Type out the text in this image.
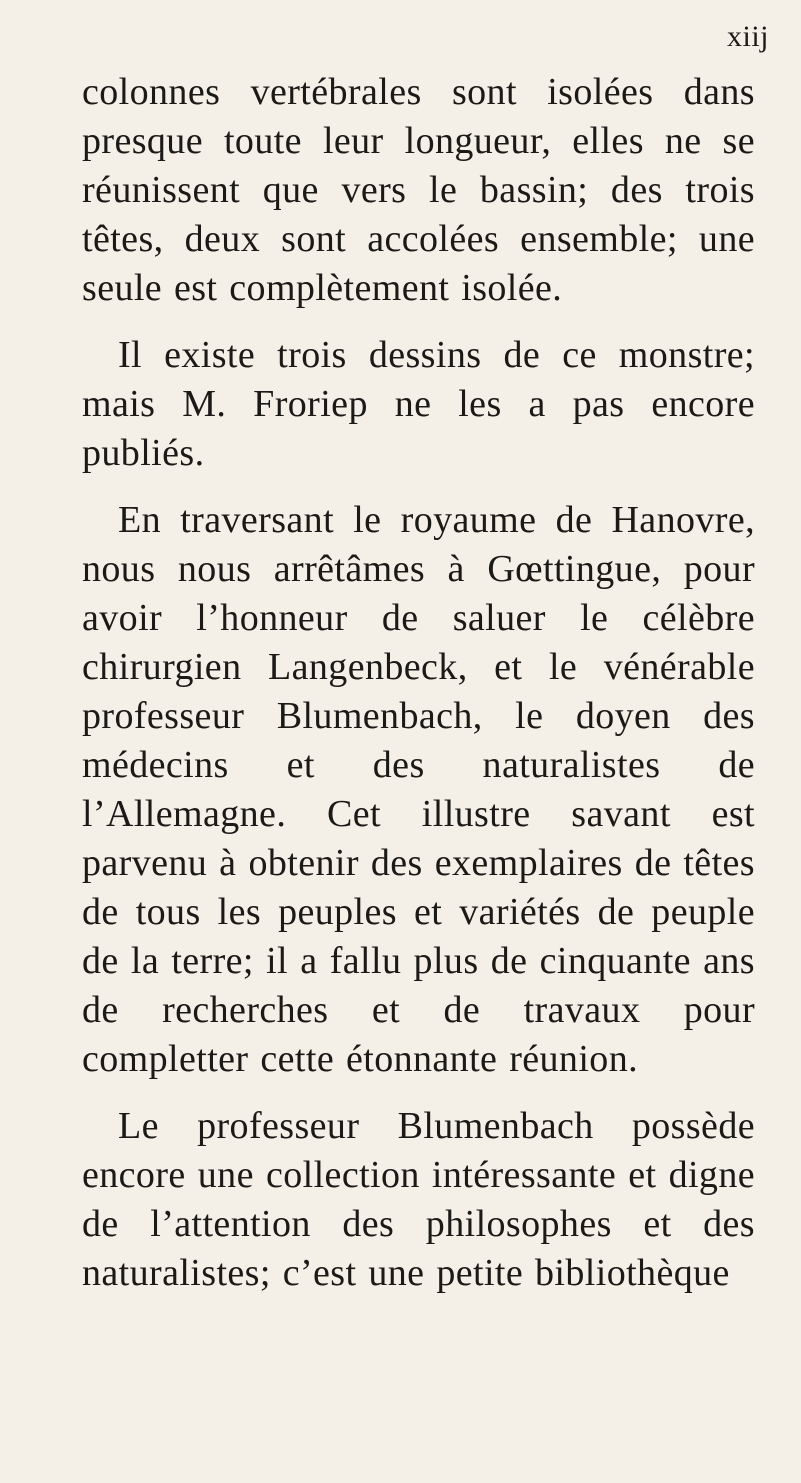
xiij

colonnes vertébrales sont isolées dans presque toute leur longueur, elles ne se réunissent que vers le bassin; des trois têtes, deux sont accolées ensemble; une seule est complètement isolée.

Il existe trois dessins de ce monstre; mais M. Froriep ne les a pas encore publiés.

En traversant le royaume de Hanovre, nous nous arrêtâmes à Gœttingue, pour avoir l’honneur de saluer le célèbre chirurgien Langenbeck, et le vénérable professeur Blumenbach, le doyen des médecins et des naturalistes de l’Allemagne. Cet illustre savant est parvenu à obtenir des exemplaires de têtes de tous les peuples et variétés de peuple de la terre; il a fallu plus de cinquante ans de recherches et de travaux pour completter cette étonnante réunion.

Le professeur Blumenbach possède encore une collection intéressante et digne de l’attention des philosophes et des naturalistes; c’est une petite bibliothèque
